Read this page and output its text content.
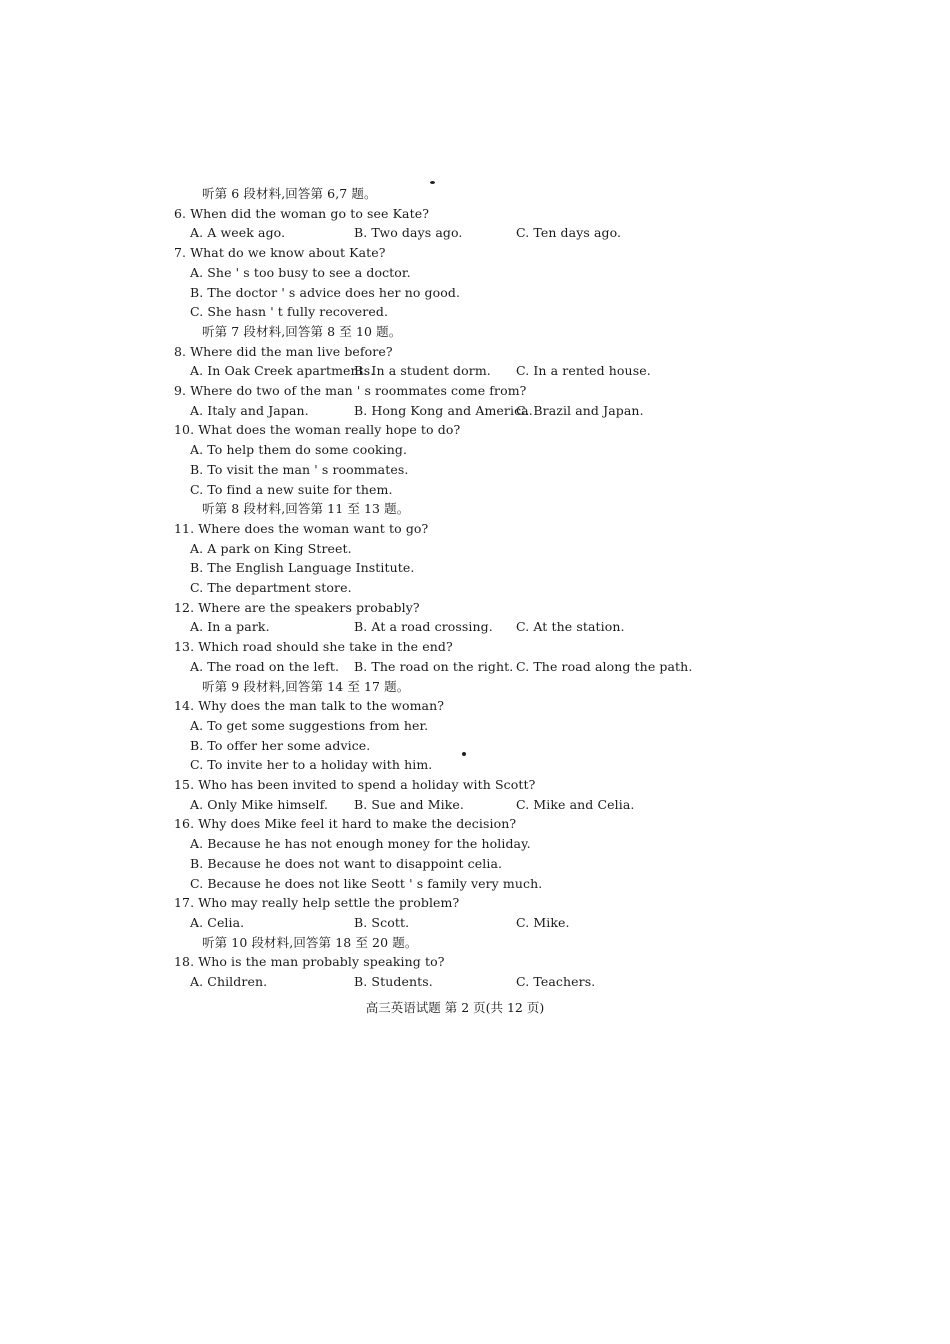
听第 6 段材料,回答第 6,7 题。
6. When did the woman go to see Kate?
A. A week ago.	B. Two days ago.	C. Ten days ago.
7. What do we know about Kate?
A. She ' s too busy to see a doctor.
B. The doctor ' s advice does her no good.
C. She hasn ' t fully recovered.
听第 7 段材料,回答第 8 至 10 题。
8. Where did the man live before?
A. In Oak Creek apartments.
B. In a student dorm. C. In a rented house.
9. Where do two of the man ' s roommates come from?
A. Italy and Japan.	B. Hong Kong and America.
C. Brazil and Japan.
10. What does the woman really hope to do?
A. To help them do some cooking.
B. To visit the man ' s roommates.
C. To find a new suite for them.
听第 8 段材料,回答第 11 至 13 题。
11. Where does the woman want to go?
A. A park on King Street.
B. The English Language Institute.
C. The department store.
12. Where are the speakers probably?
A. In a park.	B. At a road crossing. C. At the station.
13. Which road should she take in the end?
A. The road on the left. B. The road on the right. C. The road along the path.
听第 9 段材料,回答第 14 至 17 题。
14. Why does the man talk to the woman?
A. To get some suggestions from her.
B. To offer her some advice.
C. To invite her to a holiday with him.
15. Who has been invited to spend a holiday with Scott?
A. Only Mike himself. B. Sue and Mike.	C. Mike and Celia.
16. Why does Mike feel it hard to make the decision?
A. Because he has not enough money for the holiday.
B. Because he does not want to disappoint celia.
C. Because he does not like Seott ' s family very much.
17. Who may really help settle the problem?
A. Celia.	B. Scott.	C. Mike.
听第 10 段材料,回答第 18 至 20 题。
18. Who is the man probably speaking to?
A. Children.	B. Students.	C. Teachers.
高三英语试题 第 2 页(共 12 页)
